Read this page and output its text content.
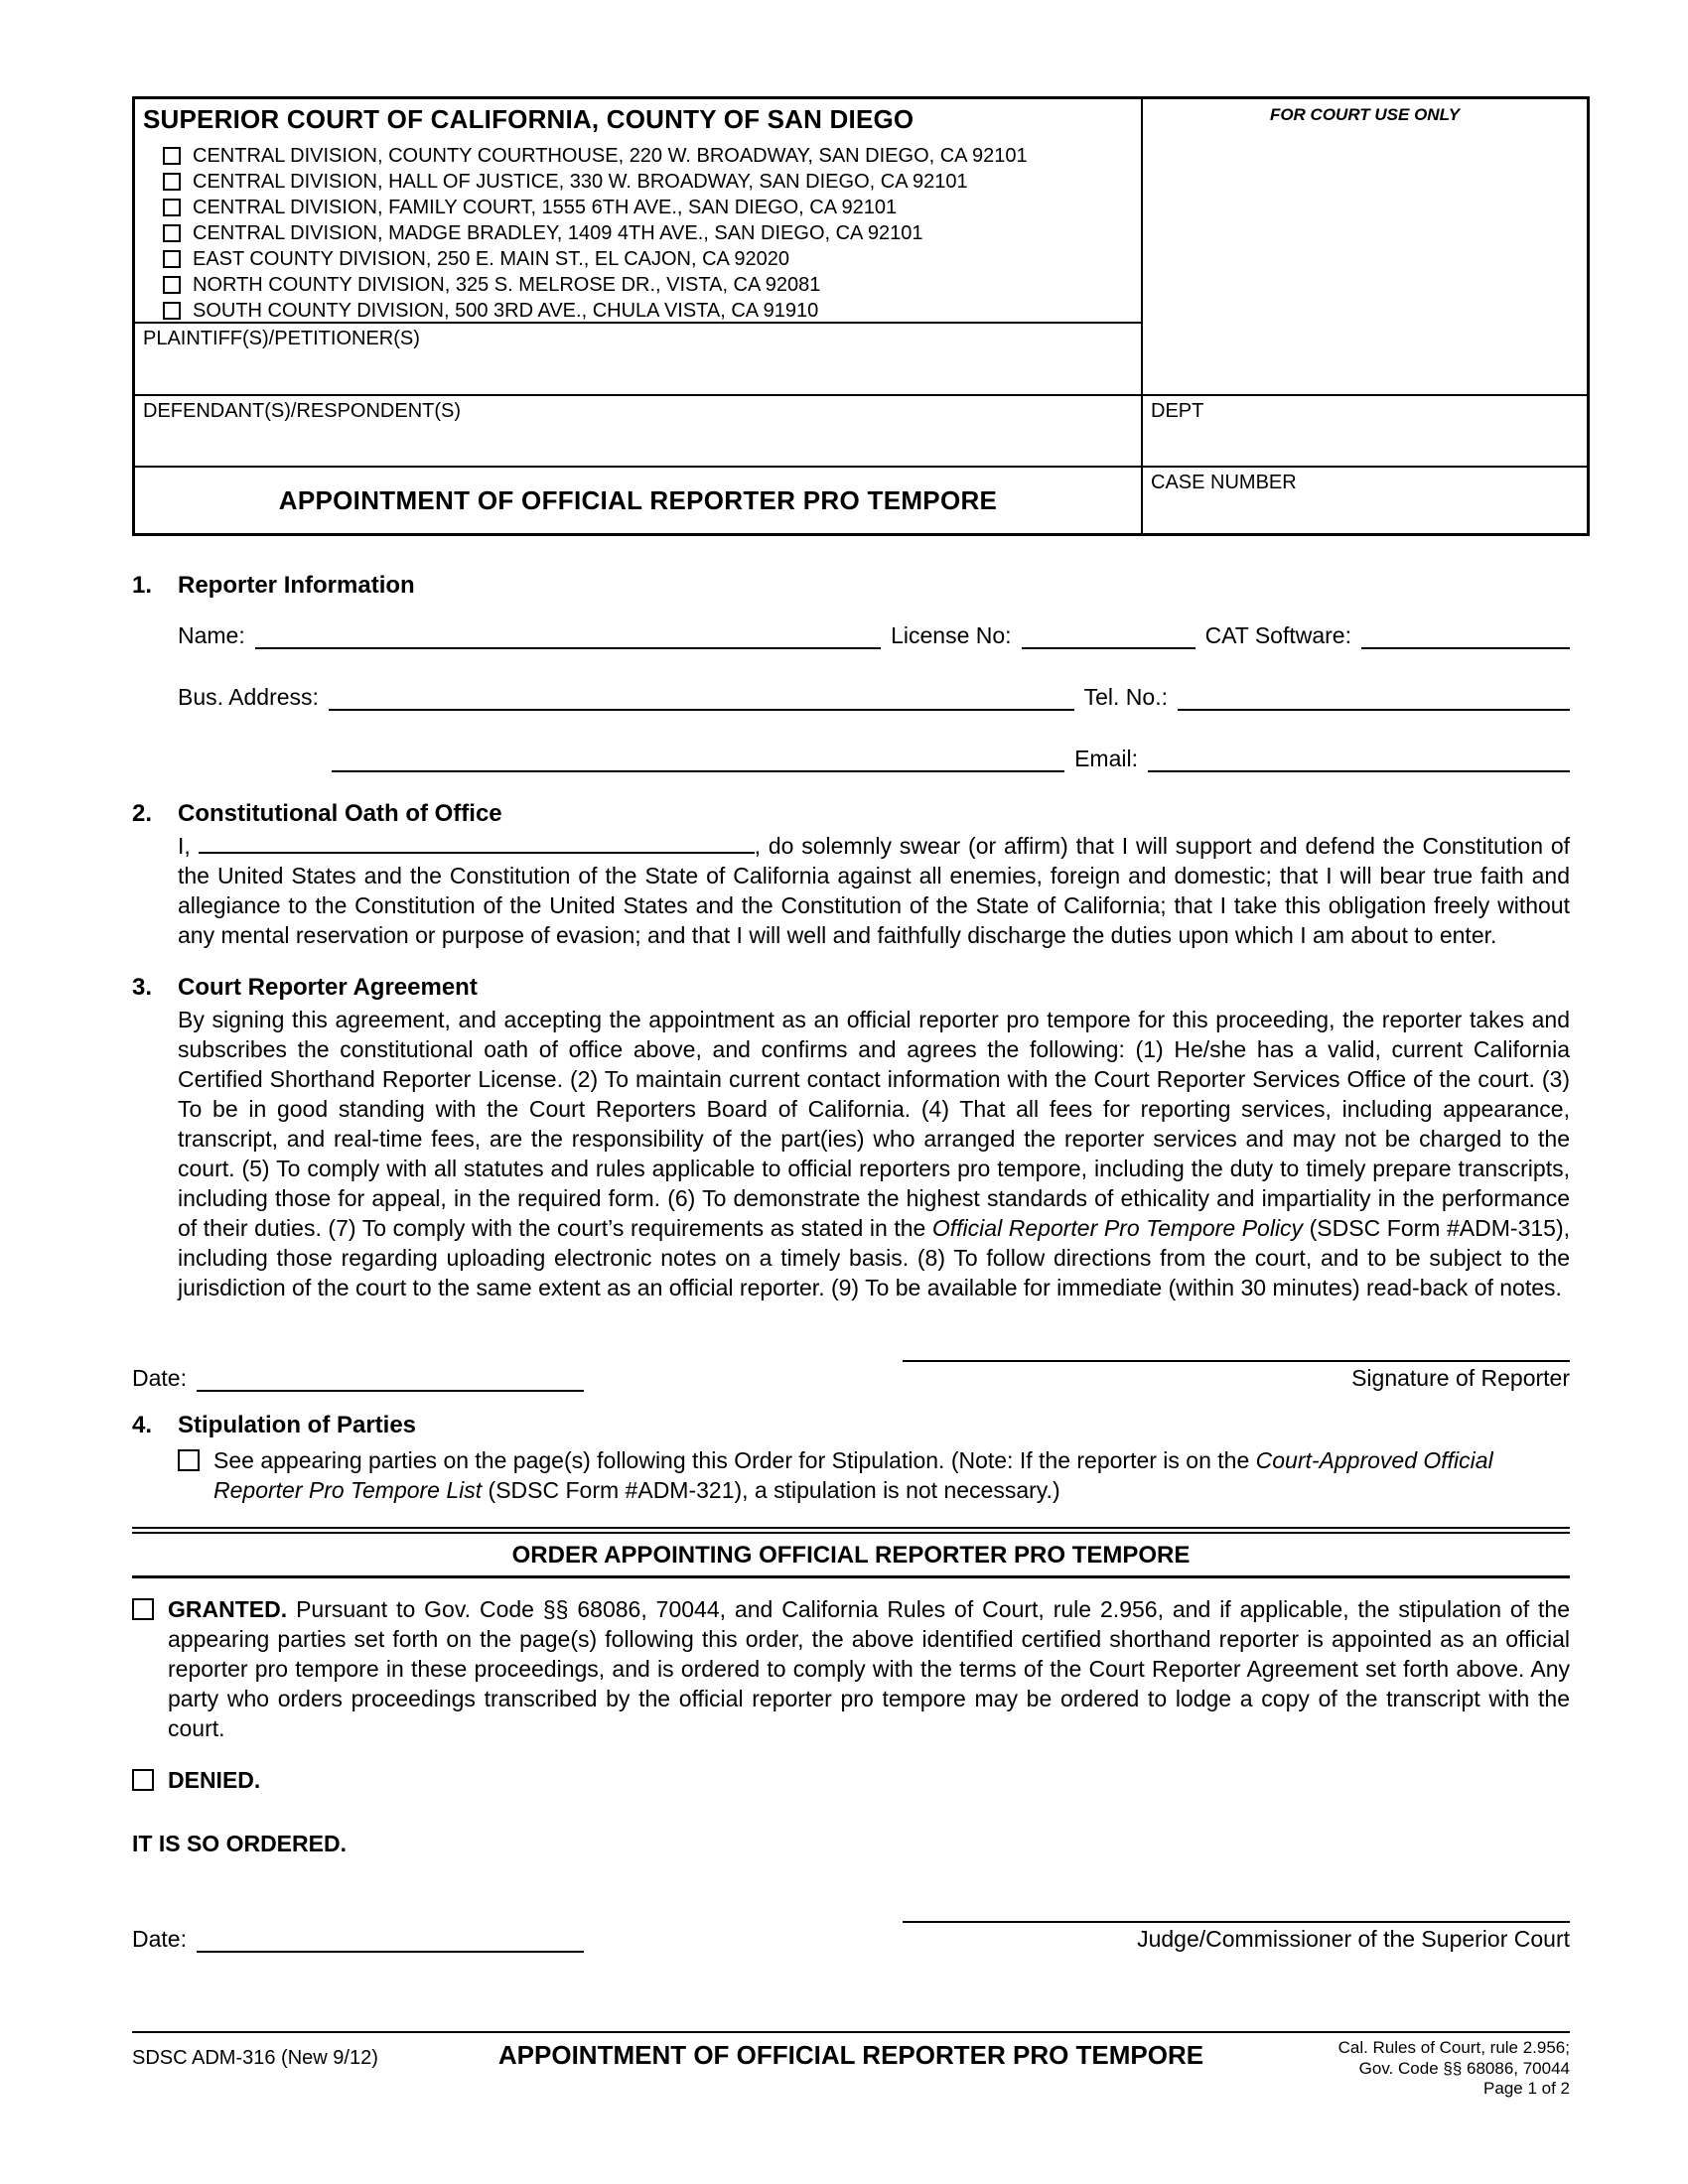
SUPERIOR COURT OF CALIFORNIA, COUNTY OF SAN DIEGO
CENTRAL DIVISION, COUNTY COURTHOUSE, 220 W. BROADWAY, SAN DIEGO, CA 92101
CENTRAL DIVISION, HALL OF JUSTICE, 330 W. BROADWAY, SAN DIEGO, CA 92101
CENTRAL DIVISION, FAMILY COURT, 1555 6TH AVE., SAN DIEGO, CA 92101
CENTRAL DIVISION, MADGE BRADLEY, 1409 4TH AVE., SAN DIEGO, CA 92101
EAST COUNTY DIVISION, 250 E. MAIN ST., EL CAJON, CA 92020
NORTH COUNTY DIVISION, 325 S. MELROSE DR., VISTA, CA 92081
SOUTH COUNTY DIVISION, 500 3RD AVE., CHULA VISTA, CA 91910
FOR COURT USE ONLY
PLAINTIFF(S)/PETITIONER(S)
DEFENDANT(S)/RESPONDENT(S)	DEPT
APPOINTMENT OF OFFICIAL REPORTER PRO TEMPORE
CASE NUMBER
1.	Reporter Information
Name:	License No:	CAT Software:
Bus. Address:	Tel. No.:
Email:
2.	Constitutional Oath of Office

I,	, do solemnly swear (or affirm) that I will support and defend the Constitution of the United States and the Constitution of the State of California against all enemies, foreign and domestic; that I will bear true faith and allegiance to the Constitution of the United States and the Constitution of the State of California; that I take this obligation freely without any mental reservation or purpose of evasion; and that I will well and faithfully discharge the duties upon which I am about to enter.

3.	Court Reporter Agreement

By signing this agreement, and accepting the appointment as an official reporter pro tempore for this proceeding, the reporter takes and subscribes the constitutional oath of office above, and confirms and agrees the following: (1) He/she has a valid, current California Certified Shorthand Reporter License. (2) To maintain current contact information with the Court Reporter Services Office of the court. (3) To be in good standing with the Court Reporters Board of California. (4) That all fees for reporting services, including appearance, transcript, and real-time fees, are the responsibility of the part(ies) who arranged the reporter services and may not be charged to the court. (5) To comply with all statutes and rules applicable to official reporters pro tempore, including the duty to timely prepare transcripts, including those for appeal, in the required form. (6) To demonstrate the highest standards of ethicality and impartiality in the performance of their duties. (7) To comply with the court’s requirements as stated in the Official Reporter Pro Tempore Policy (SDSC Form #ADM-315), including those regarding uploading electronic notes on a timely basis. (8) To follow directions from the court, and to be subject to the jurisdiction of the court to the same extent as an official reporter. (9) To be available for immediate (within 30 minutes) read-back of notes.

Date:	Signature of Reporter
4.	Stipulation of Parties

See appearing parties on the page(s) following this Order for Stipulation. (Note: If the reporter is on the Court-Approved Official Reporter Pro Tempore List (SDSC Form #ADM-321), a stipulation is not necessary.)

ORDER APPOINTING OFFICIAL REPORTER PRO TEMPORE

GRANTED. Pursuant to Gov. Code §§ 68086, 70044, and California Rules of Court, rule 2.956, and if applicable, the stipulation of the appearing parties set forth on the page(s) following this order, the above identified certified shorthand reporter is appointed as an official reporter pro tempore in these proceedings, and is ordered to comply with the terms of the Court Reporter Agreement set forth above. Any party who orders proceedings transcribed by the official reporter pro tempore may be ordered to lodge a copy of the transcript with the court.

DENIED.

IT IS SO ORDERED.
Date:	Judge/Commissioner of the Superior Court
SDSC ADM-316 (New 9/12)	APPOINTMENT OF OFFICIAL REPORTER PRO TEMPORE	Cal. Rules of Court, rule 2.956;
Gov. Code §§ 68086, 70044
Page 1 of 2
